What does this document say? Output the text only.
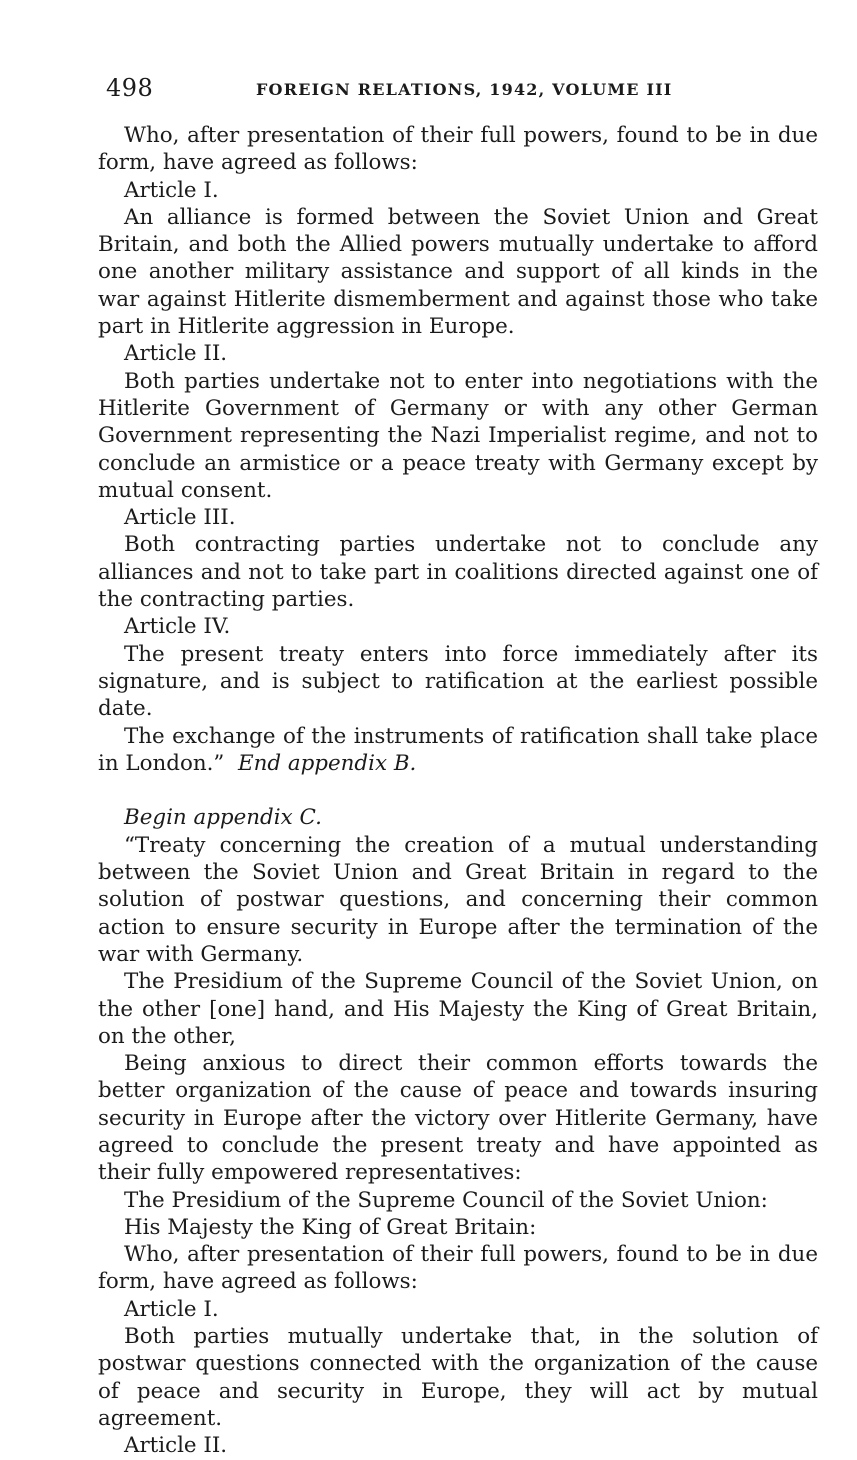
498	FOREIGN RELATIONS, 1942, VOLUME III

Who, after presentation of their full powers, found to be in due form, have agreed as follows:

Article I.

An alliance is formed between the Soviet Union and Great Britain, and both the Allied powers mutually undertake to afford one another military assistance and support of all kinds in the war against Hitlerite dismemberment and against those who take part in Hitlerite aggression in Europe.

Article II.

Both parties undertake not to enter into negotiations with the Hitlerite Government of Germany or with any other German Government representing the Nazi Imperialist regime, and not to conclude an armistice or a peace treaty with Germany except by mutual consent.

Article III.

Both contracting parties undertake not to conclude any alliances and not to take part in coalitions directed against one of the contracting parties.

Article IV.

The present treaty enters into force immediately after its signature, and is subject to ratification at the earliest possible date.

The exchange of the instruments of ratification shall take place in London.” End appendix B.

Begin appendix C.

“Treaty concerning the creation of a mutual understanding between the Soviet Union and Great Britain in regard to the solution of postwar questions, and concerning their common action to ensure security in Europe after the termination of the war with Germany.

The Presidium of the Supreme Council of the Soviet Union, on the other [one] hand, and His Majesty the King of Great Britain, on the other,

Being anxious to direct their common efforts towards the better organization of the cause of peace and towards insuring security in Europe after the victory over Hitlerite Germany, have agreed to conclude the present treaty and have appointed as their fully empowered representatives:

The Presidium of the Supreme Council of the Soviet Union:

His Majesty the King of Great Britain:

Who, after presentation of their full powers, found to be in due form, have agreed as follows:

Article I.

Both parties mutually undertake that, in the solution of postwar questions connected with the organization of the cause of peace and security in Europe, they will act by mutual agreement.

Article II.
